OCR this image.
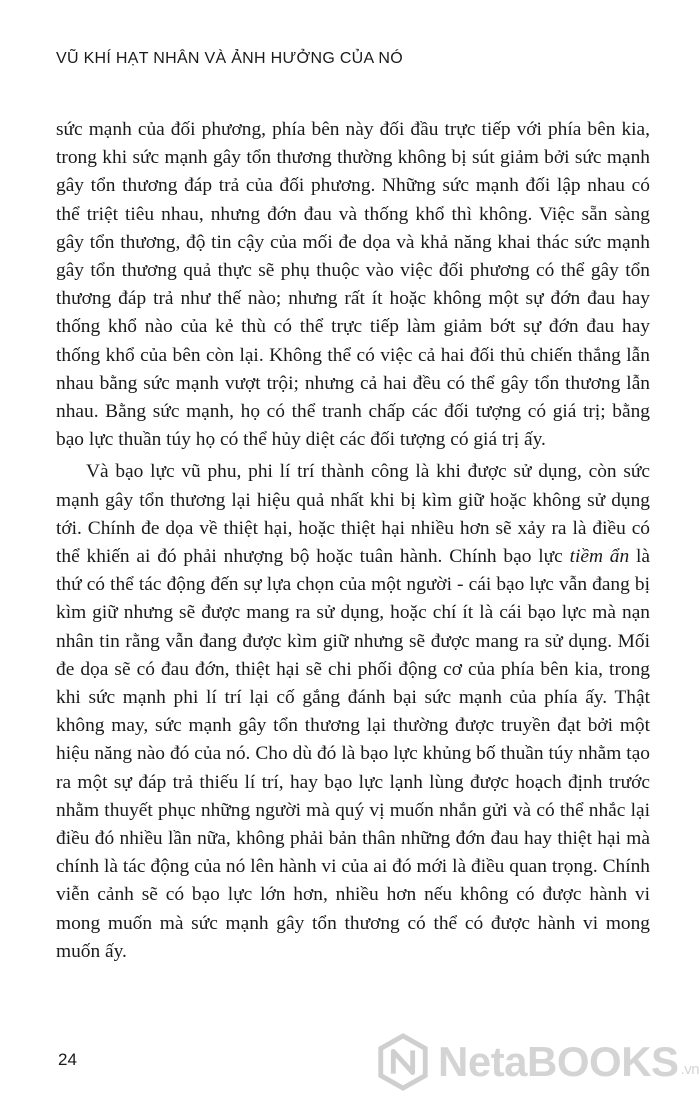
VŨ KHÍ HẠT NHÂN VÀ ẢNH HƯỞNG CỦA NÓ

sức mạnh của đối phương, phía bên này đối đầu trực tiếp với phía bên kia, trong khi sức mạnh gây tổn thương thường không bị sút giảm bởi sức mạnh gây tổn thương đáp trả của đối phương. Những sức mạnh đối lập nhau có thể triệt tiêu nhau, nhưng đớn đau và thống khổ thì không. Việc sẵn sàng gây tổn thương, độ tin cậy của mối đe dọa và khả năng khai thác sức mạnh gây tổn thương quả thực sẽ phụ thuộc vào việc đối phương có thể gây tổn thương đáp trả như thế nào; nhưng rất ít hoặc không một sự đớn đau hay thống khổ nào của kẻ thù có thể trực tiếp làm giảm bớt sự đớn đau hay thống khổ của bên còn lại. Không thể có việc cả hai đối thủ chiến thắng lẫn nhau bằng sức mạnh vượt trội; nhưng cả hai đều có thể gây tổn thương lẫn nhau. Bằng sức mạnh, họ có thể tranh chấp các đối tượng có giá trị; bằng bạo lực thuần túy họ có thể hủy diệt các đối tượng có giá trị ấy.

Và bạo lực vũ phu, phi lí trí thành công là khi được sử dụng, còn sức mạnh gây tổn thương lại hiệu quả nhất khi bị kìm giữ hoặc không sử dụng tới. Chính đe dọa về thiệt hại, hoặc thiệt hại nhiều hơn sẽ xảy ra là điều có thể khiến ai đó phải nhượng bộ hoặc tuân hành. Chính bạo lực tiềm ẩn là thứ có thể tác động đến sự lựa chọn của một người - cái bạo lực vẫn đang bị kìm giữ nhưng sẽ được mang ra sử dụng, hoặc chí ít là cái bạo lực mà nạn nhân tin rằng vẫn đang được kìm giữ nhưng sẽ được mang ra sử dụng. Mối đe dọa sẽ có đau đớn, thiệt hại sẽ chi phối động cơ của phía bên kia, trong khi sức mạnh phi lí trí lại cố gắng đánh bại sức mạnh của phía ấy. Thật không may, sức mạnh gây tổn thương lại thường được truyền đạt bởi một hiệu năng nào đó của nó. Cho dù đó là bạo lực khủng bố thuần túy nhằm tạo ra một sự đáp trả thiếu lí trí, hay bạo lực lạnh lùng được hoạch định trước nhằm thuyết phục những người mà quý vị muốn nhắn gửi và có thể nhắc lại điều đó nhiều lần nữa, không phải bản thân những đớn đau hay thiệt hại mà chính là tác động của nó lên hành vi của ai đó mới là điều quan trọng. Chính viễn cảnh sẽ có bạo lực lớn hơn, nhiều hơn nếu không có được hành vi mong muốn mà sức mạnh gây tổn thương có thể có được hành vi mong muốn ấy.

24	NetaBOOKS .vn
